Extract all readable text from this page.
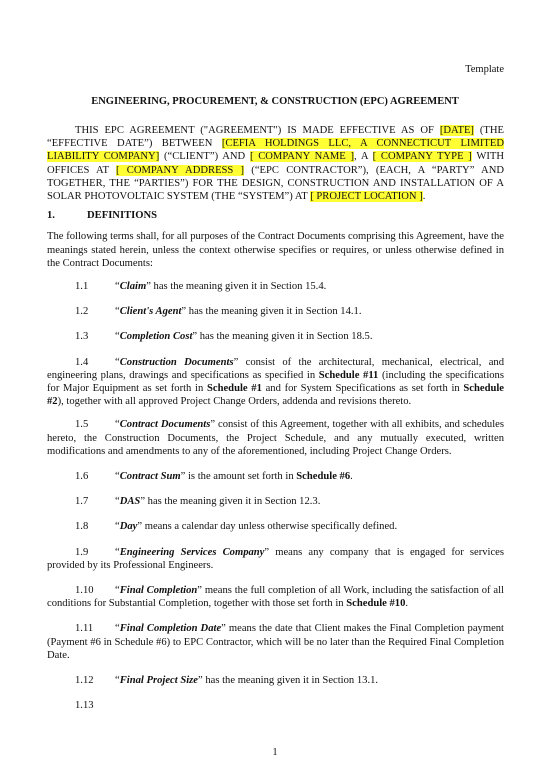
Template
ENGINEERING, PROCUREMENT, & CONSTRUCTION (EPC) AGREEMENT

THIS EPC AGREEMENT ("AGREEMENT") IS MADE EFFECTIVE AS OF [DATE] (THE “EFFECTIVE DATE”) BETWEEN [CEFIA HOLDINGS LLC, A CONNECTICUT LIMITED LIABILITY COMPANY] (“CLIENT”) AND [ COMPANY NAME ], A [ COMPANY TYPE ] WITH OFFICES AT [ COMPANY ADDRESS ] (“EPC CONTRACTOR”), (EACH, A “PARTY” AND TOGETHER, THE “PARTIES”) FOR THE DESIGN, CONSTRUCTION AND INSTALLATION OF A SOLAR PHOTOVOLTAIC SYSTEM (THE “SYSTEM”) AT [ PROJECT LOCATION ].

1.	DEFINITIONS

The following terms shall, for all purposes of the Contract Documents comprising this Agreement, have the meanings stated herein, unless the context otherwise specifies or requires, or unless otherwise defined in the Contract Documents:

1.1	“Claim” has the meaning given it in Section 15.4.

1.2	“Client's Agent” has the meaning given it in Section 14.1.

1.3	“Completion Cost” has the meaning given it in Section 18.5.

1.4	“Construction Documents” consist of the architectural, mechanical, electrical, and engineering plans, drawings and specifications as specified in Schedule #11 (including the specifications for Major Equipment as set forth in Schedule #1 and for System Specifications as set forth in Schedule #2), together with all approved Project Change Orders, addenda and revisions thereto.

1.5	“Contract Documents” consist of this Agreement, together with all exhibits, and schedules hereto, the Construction Documents, the Project Schedule, and any mutually executed, written modifications and amendments to any of the aforementioned, including Project Change Orders.

1.6	“Contract Sum” is the amount set forth in Schedule #6.

1.7	“DAS” has the meaning given it in Section 12.3.

1.8	“Day” means a calendar day unless otherwise specifically defined.

1.9	“Engineering Services Company” means any company that is engaged for services provided by its Professional Engineers.

1.10 “Final Completion” means the full completion of all Work, including the satisfaction of all conditions for Substantial Completion, together with those set forth in Schedule #10.

1.11 “Final Completion Date” means the date that Client makes the Final Completion payment (Payment #6 in Schedule #6) to EPC Contractor, which will be no later than the Required Final Completion Date.

1.12 “Final Project Size” has the meaning given it in Section 13.1.

1.13

1
